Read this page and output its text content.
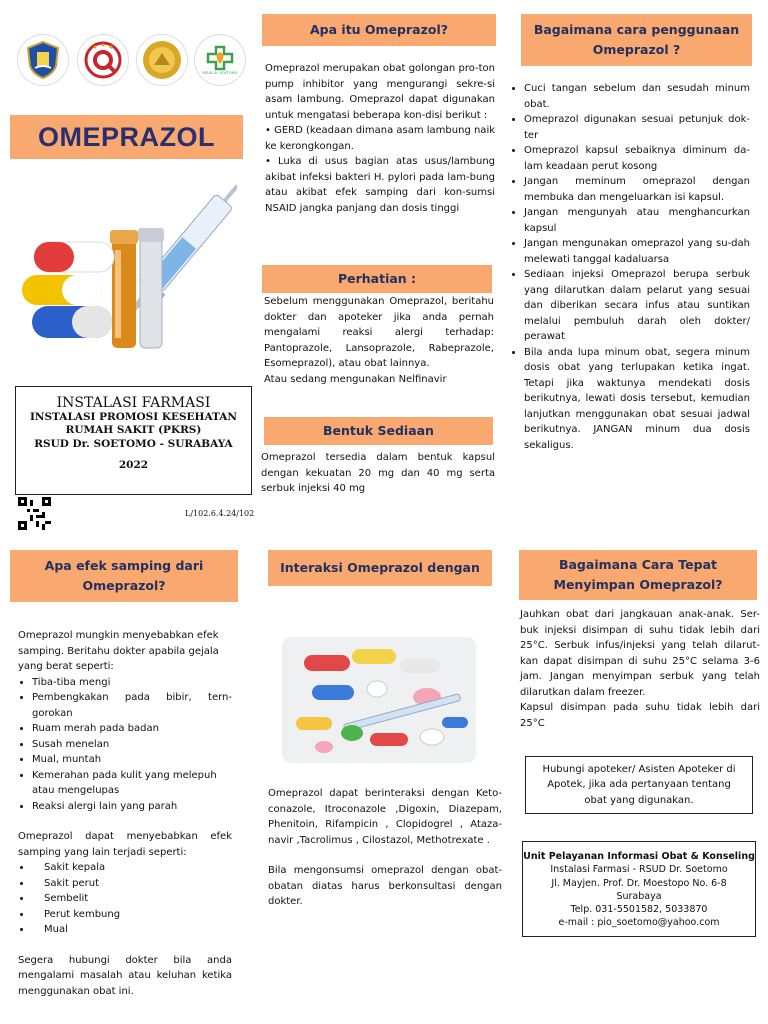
RSUD Dr. SOETOMO
OMEPRAZOL
INSTALASI FARMASI
INSTALASI PROMOSI KESEHATAN
RUMAH SAKIT (PKRS)
RSUD Dr. SOETOMO - SURABAYA
2022
L/102.6.4.24/102
Apa itu Omeprazol?
Omeprazol merupakan obat golongan pro-ton pump inhibitor yang mengurangi sekre-si asam lambung. Omeprazol dapat digunakan untuk mengatasi beberapa kon-disi berikut :
• GERD (keadaan dimana asam lambung naik ke kerongkongan.
• Luka di usus bagian atas usus/lambung akibat infeksi bakteri H. pylori pada lam-bung atau akibat efek samping dari kon-sumsi NSAID jangka panjang dan dosis tinggi
Perhatian :
Sebelum menggunakan Omeprazol, beritahu dokter dan apoteker jika anda pernah mengalami reaksi alergi terhadap: Pantoprazole, Lansoprazole, Rabeprazole, Esomeprazol), atau obat lainnya.
Atau sedang mengunakan Nelfinavir
Bentuk Sediaan
Omeprazol tersedia dalam bentuk kapsul dengan kekuatan 20 mg dan 40 mg serta serbuk injeksi 40 mg
Bagaimana cara penggunaan Omeprazol ?
• Cuci tangan sebelum dan sesudah minum obat.
• Omeprazol digunakan sesuai petunjuk dok-ter
• Omeprazol kapsul sebaiknya diminum da-lam keadaan perut kosong
• Jangan meminum omeprazol dengan membuka dan mengeluarkan isi kapsul.
• Jangan mengunyah atau menghancurkan kapsul
• Jangan mengunakan omeprazol yang su-dah melewati tanggal kadaluarsa
• Sediaan injeksi Omeprazol berupa serbuk yang dilarutkan dalam pelarut yang sesuai dan diberikan secara infus atau suntikan melalui pembuluh darah oleh dokter/ perawat
• Bila anda lupa minum obat, segera minum dosis obat yang terlupakan ketika ingat. Tetapi jika waktunya mendekati dosis berikutnya, lewati dosis tersebut, kemudian lanjutkan menggunakan obat sesuai jadwal berikutnya. JANGAN minum dua dosis sekaligus.
Apa efek samping dari Omeprazol?
Omeprazol mungkin menyebabkan efek samping. Beritahu dokter apabila gejala yang berat seperti:
• Tiba-tiba mengi
• Pembengkakan pada bibir, tern-gorokan
• Ruam merah pada badan
• Susah menelan
• Mual, muntah
• Kemerahan pada kulit yang melepuh atau mengelupas
• Reaksi alergi lain yang parah
Omeprazol dapat menyebabkan efek samping yang lain terjadi seperti:
• Sakit kepala
• Sakit perut
• Sembelit
• Perut kembung
• Mual
Segera hubungi dokter bila anda mengalami masalah atau keluhan ketika menggunakan obat ini.
Interaksi Omeprazol dengan
Omeprazol dapat berinteraksi dengan Keto-conazole, Itroconazole ,Digoxin, Diazepam, Phenitoin, Rifampicin , Clopidogrel , Ataza-navir ,Tacrolimus , Cilostazol, Methotrexate .
Bila mengonsumsi omeprazol dengan obat-obatan diatas harus berkonsultasi dengan dokter.
Bagaimana Cara Tepat Menyimpan Omeprazol?
Jauhkan obat dari jangkauan anak-anak. Ser-buk injeksi disimpan di suhu tidak lebih dari 25°C. Serbuk infus/injeksi yang telah dilarut-kan dapat disimpan di suhu 25°C selama 3-6 jam. Jangan menyimpan serbuk yang telah dilarutkan dalam freezer.
Kapsul disimpan pada suhu tidak lebih dari 25°C
Hubungi apoteker/ Asisten Apoteker di Apotek, jika ada pertanyaan tentang obat yang digunakan.
Unit Pelayanan Informasi Obat & Konseling
Instalasi Farmasi - RSUD Dr. Soetomo
Jl. Mayjen. Prof. Dr. Moestopo No. 6-8
Surabaya
Telp. 031-5501582, 5033870
e-mail : pio_soetomo@yahoo.com
